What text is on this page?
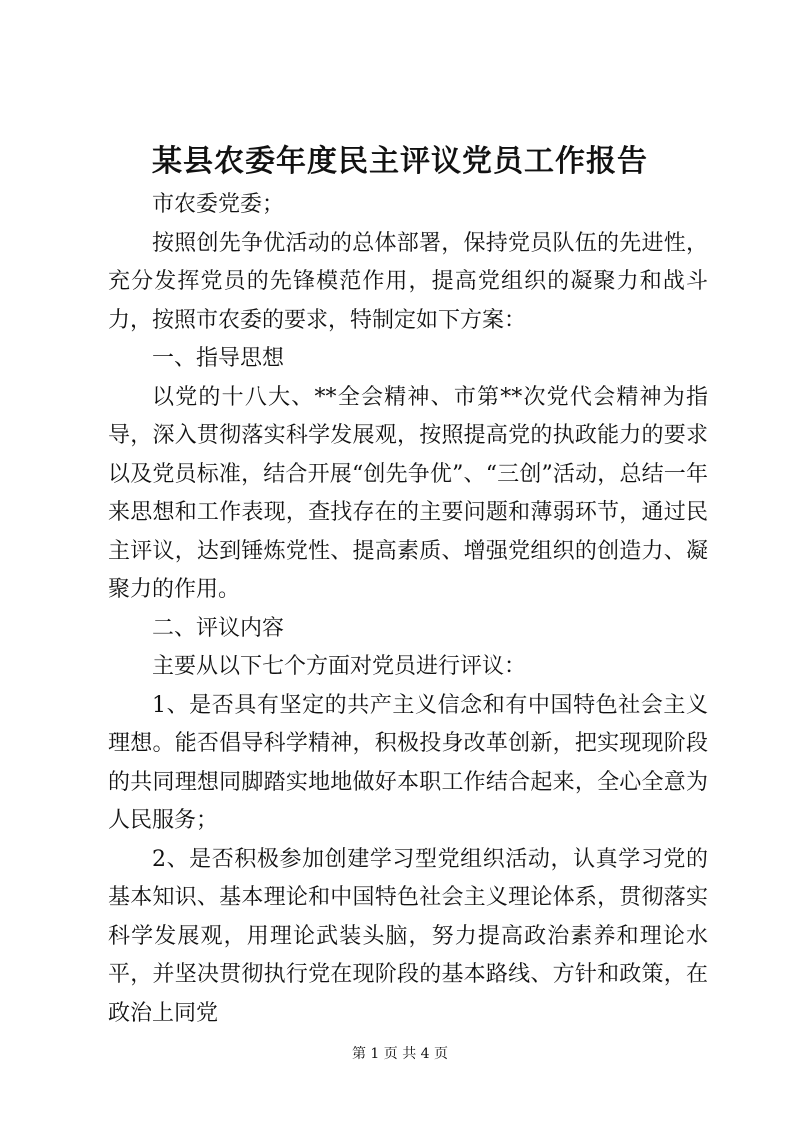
某县农委年度民主评议党员工作报告

市农委党委；

按照创先争优活动的总体部署，保持党员队伍的先进性，充分发挥党员的先锋模范作用，提高党组织的凝聚力和战斗力，按照市农委的要求，特制定如下方案：

一、指导思想

以党的十八大、**全会精神、市第**次党代会精神为指导，深入贯彻落实科学发展观，按照提高党的执政能力的要求以及党员标准，结合开展“创先争优”、“三创”活动，总结一年来思想和工作表现，查找存在的主要问题和薄弱环节，通过民主评议，达到锤炼党性、提高素质、增强党组织的创造力、凝聚力的作用。

二、评议内容

主要从以下七个方面对党员进行评议：

1、是否具有坚定的共产主义信念和有中国特色社会主义理想。能否倡导科学精神，积极投身改革创新，把实现现阶段的共同理想同脚踏实地地做好本职工作结合起来，全心全意为人民服务；

2、是否积极参加创建学习型党组织活动，认真学习党的基本知识、基本理论和中国特色社会主义理论体系，贯彻落实科学发展观，用理论武装头脑，努力提高政治素养和理论水平，并坚决贯彻执行党在现阶段的基本路线、方针和政策，在政治上同党

第 1 页 共 4 页
